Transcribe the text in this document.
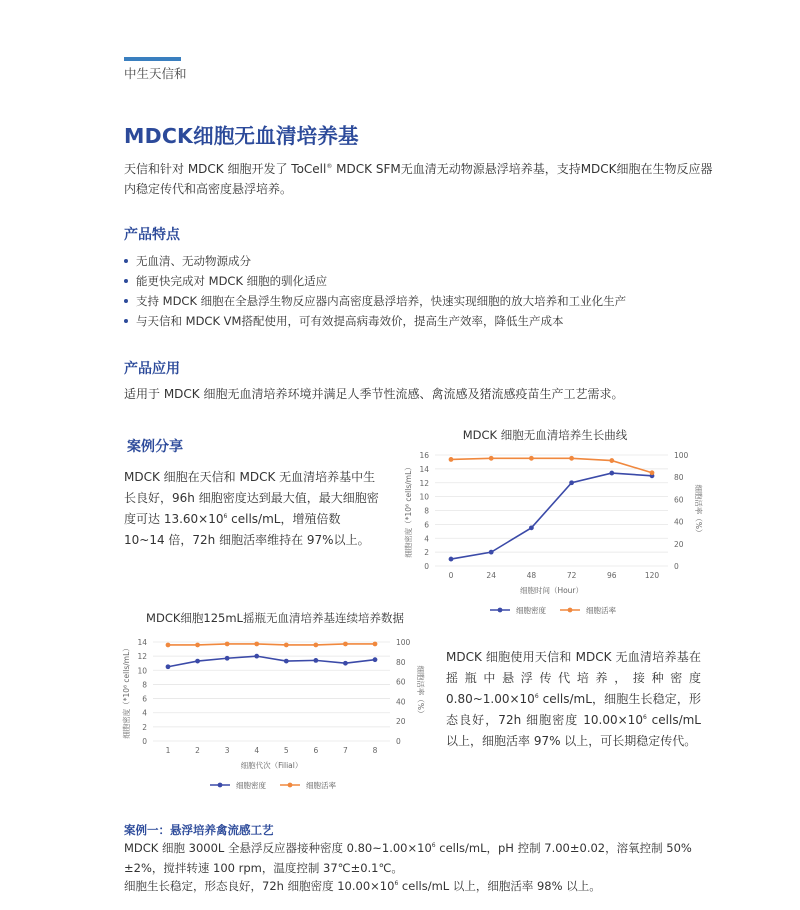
中生天信和
MDCK细胞无血清培养基

天信和针对 MDCK 细胞开发了 ToCell® MDCK SFM无血清无动物源悬浮培养基，支持MDCK细胞在生物反应器内稳定传代和高密度悬浮培养。

产品特点
无血清、无动物源成分
能更快完成对 MDCK 细胞的驯化适应
支持 MDCK 细胞在全悬浮生物反应器内高密度悬浮培养，快速实现细胞的放大培养和工业化生产
与天信和 MDCK VM搭配使用，可有效提高病毒效价，提高生产效率，降低生产成本
产品应用

适用于 MDCK 细胞无血清培养环境并满足人季节性流感、禽流感及猪流感疫苗生产工艺需求。

案例分享

MDCK 细胞在天信和 MDCK 无血清培养基中生长良好，96h 细胞密度达到最大值，最大细胞密度可达 $13.60\times 10^6$ cells/mL，增殖倍数 10~14 倍，72h 细胞活率维持在 97%以上。

MDCK 细胞无血清培养生长曲线
0
2
4
6
8
10
12
14
16
0
20
40
60
80
100
0	24	48	72	96	120
细胞时间（Hour）
细胞密度（*10⁶ cells/mL）	细胞活率（%）
细胞密度	细胞活率
MDCK细胞125mL摇瓶无血清培养基连续培养数据
0
2
4
6
8
10
12
14
0
20
40
60
80
100
1	2	3	4	5	6	7	8
细胞代次（Filial）
细胞密度（*10⁶ cells/mL）	细胞活率（%）
细胞密度	细胞活率

MDCK 细胞使用天信和 MDCK 无血清培养基在摇瓶中悬浮传代培养，接种密度 $0.80\sim 1.00\times 10^6$ cells/mL，细胞生长稳定，形态良好，72h 细胞密度 $10.00\times 10^6$ cells/mL 以上，细胞活率 97% 以上，可长期稳定传代。

案例一：悬浮培养禽流感工艺

MDCK 细胞 3000L 全悬浮反应器接种密度 $0.80\sim 1.00\times 10^6$ cells/mL，pH 控制 7.00±0.02，溶氧控制 50%±2%，搅拌转速 100 rpm，温度控制 37℃±0.1℃。

细胞生长稳定，形态良好，72h 细胞密度 $10.00\times 10^6$ cells/mL 以上，细胞活率 98% 以上。
